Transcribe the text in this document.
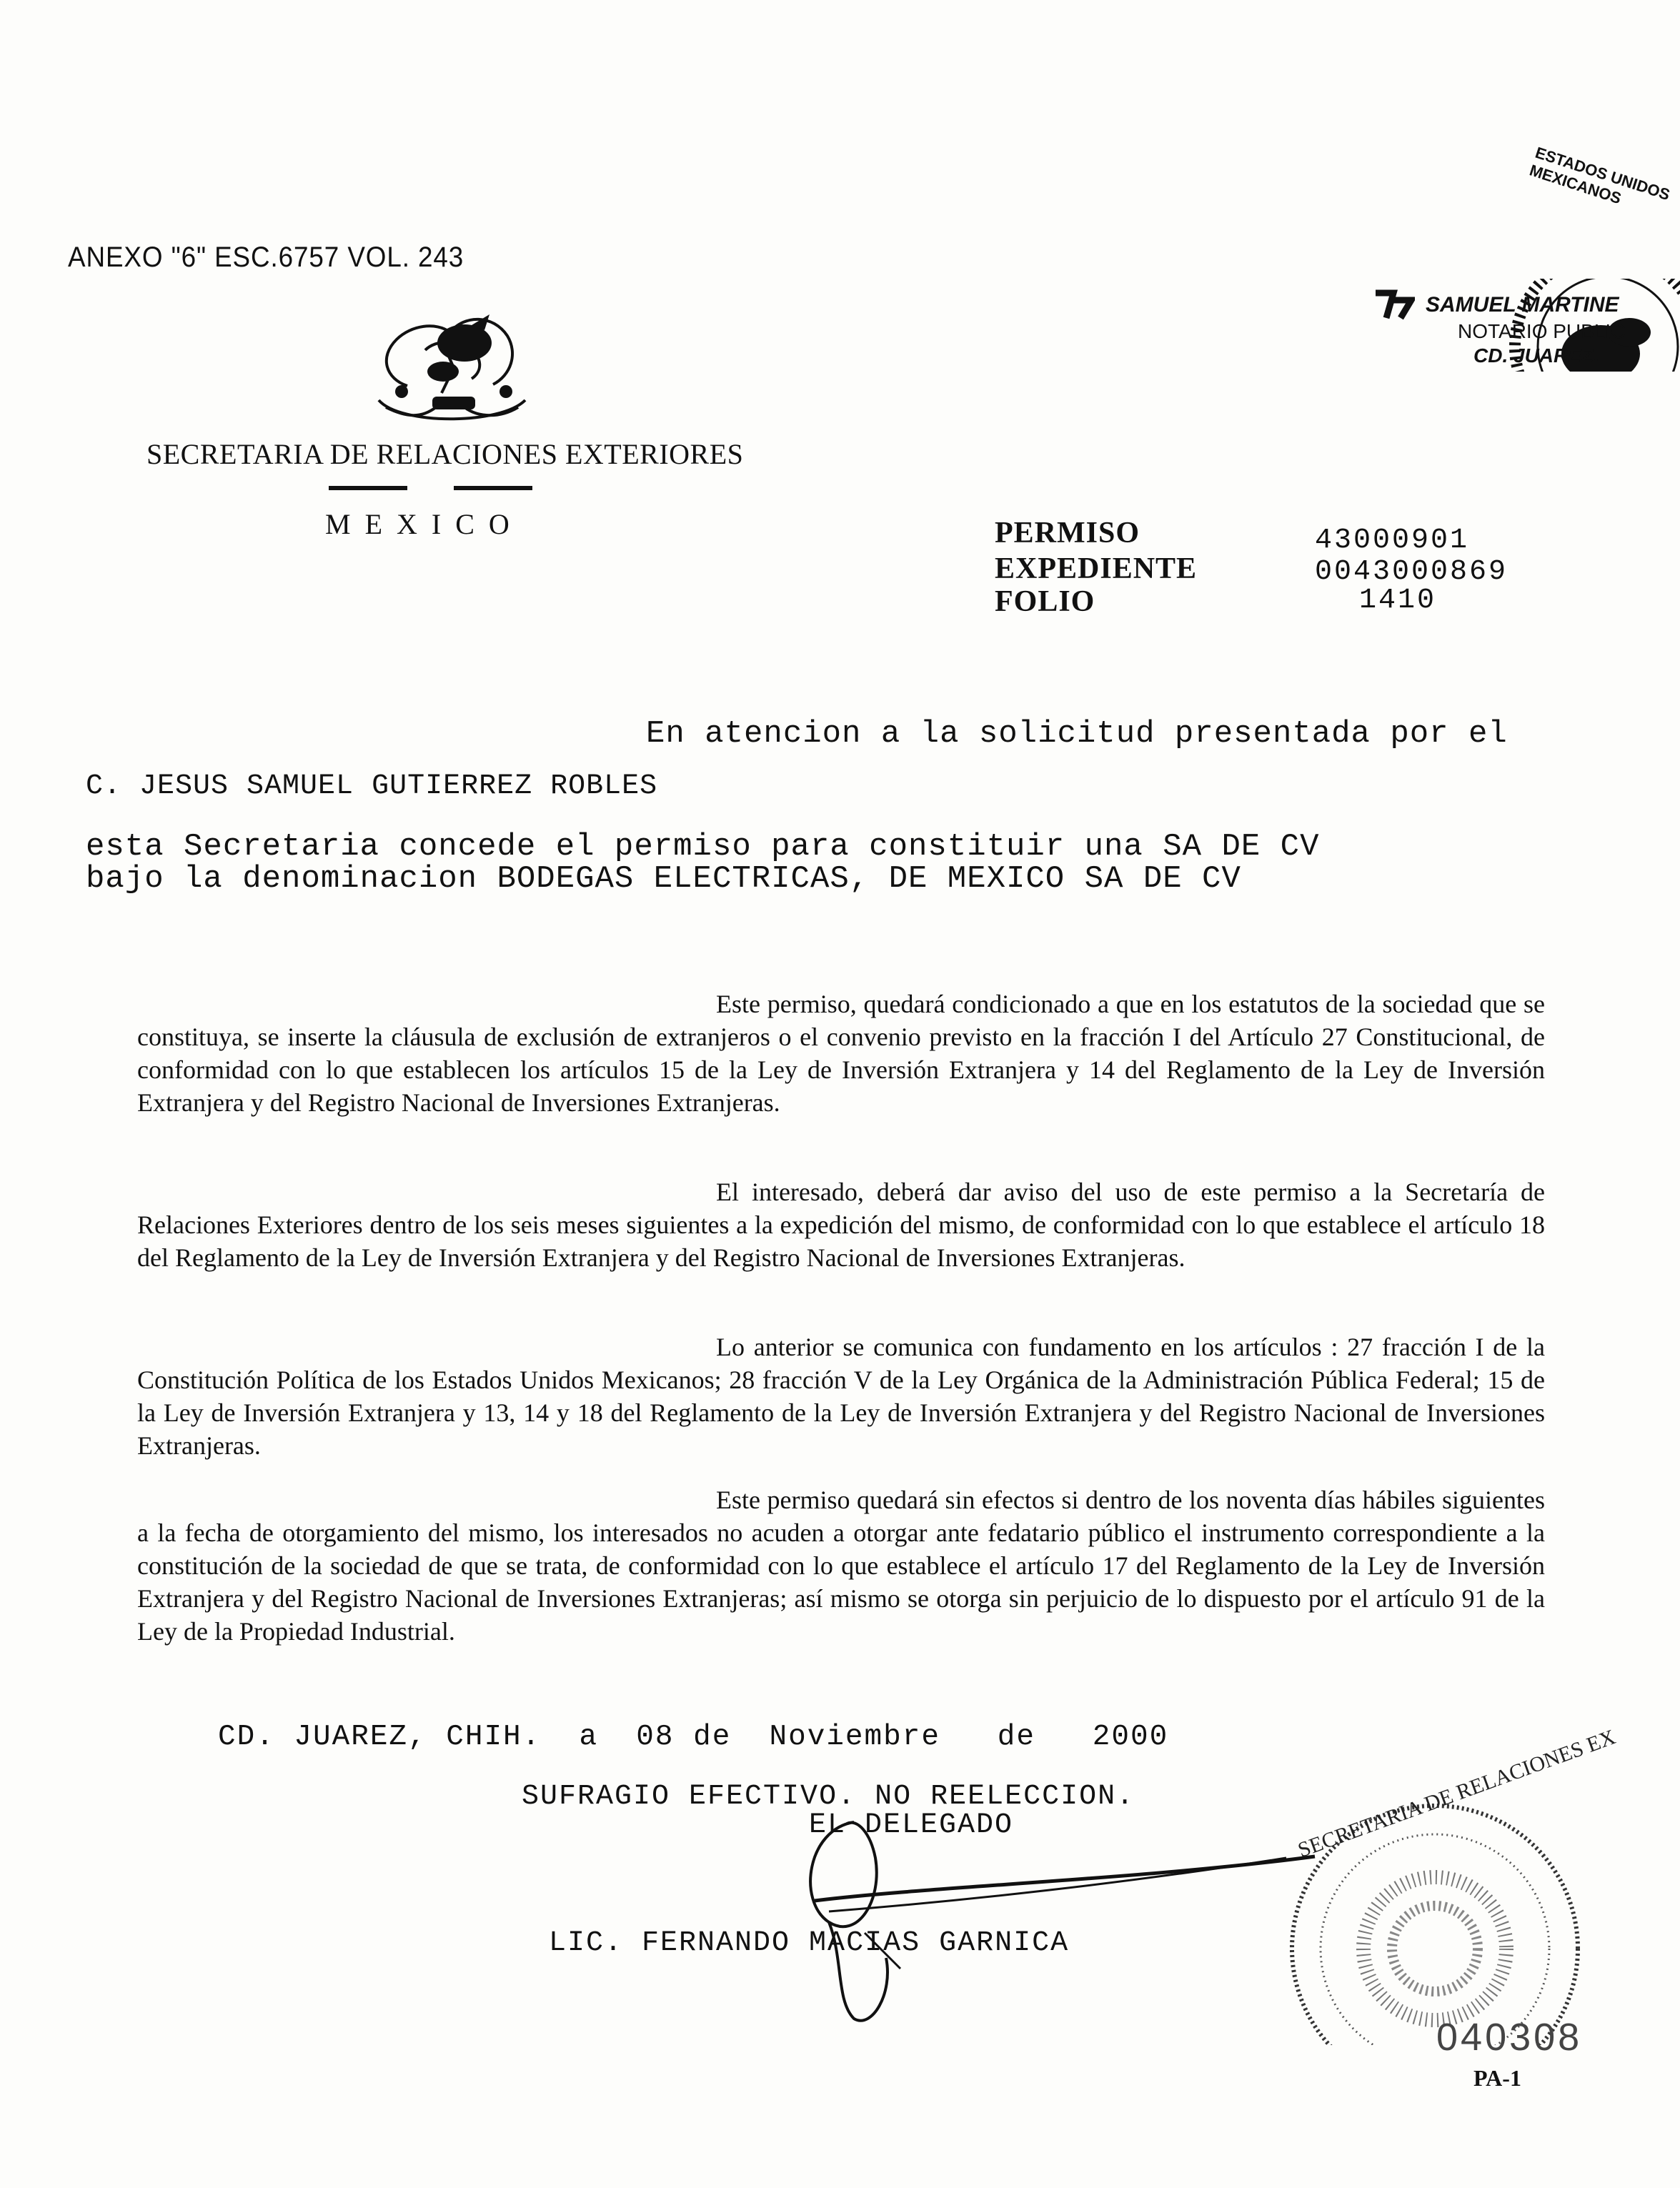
ANEXO "6" ESC.6757 VOL. 243
SECRETARIA DE RELACIONES EXTERIORES
MEXICO
ESTADOS UNIDOS MEXICANOS
SAMUEL MARTINE
NOTARIO PUBLIC
CD. JUAREZ.
PERMISO	43000901
EXPEDIENTE	0043000869
FOLIO	1410
En atencion a la solicitud presentada por el
C. JESUS SAMUEL GUTIERREZ ROBLES
esta Secretaria concede el permiso para constituir una SA DE CV
bajo la denominacion BODEGAS ELECTRICAS, DE MEXICO SA DE CV

Este permiso, quedará condicionado a que en los estatutos de la sociedad que se constituya, se inserte la cláusula de exclusión de extranjeros o el convenio previsto en la fracción I del Artículo 27 Constitucional, de conformidad con lo que establecen los artículos 15 de la Ley de Inversión Extranjera y 14 del Reglamento de la Ley de Inversión Extranjera y del Registro Nacional de Inversiones Extranjeras.

El interesado, deberá dar aviso del uso de este permiso a la Secretaría de Relaciones Exteriores dentro de los seis meses siguientes a la expedición del mismo, de conformidad con lo que establece el artículo 18 del Reglamento de la Ley de Inversión Extranjera y del Registro Nacional de Inversiones Extranjeras.

Lo anterior se comunica con fundamento en los artículos : 27 fracción I de la Constitución Política de los Estados Unidos Mexicanos; 28 fracción V de la Ley Orgánica de la Administración Pública Federal; 15 de la Ley de Inversión Extranjera y 13, 14 y 18 del Reglamento de la Ley de Inversión Extranjera y del Registro Nacional de Inversiones Extranjeras.

Este permiso quedará sin efectos si dentro de los noventa días hábiles siguientes a la fecha de otorgamiento del mismo, los interesados no acuden a otorgar ante fedatario público el instrumento correspondiente a la constitución de la sociedad de que se trata, de conformidad con lo que establece el artículo 17 del Reglamento de la Ley de Inversión Extranjera y del Registro Nacional de Inversiones Extranjeras; así mismo se otorga sin perjuicio de lo dispuesto por el artículo 91 de la Ley de la Propiedad Industrial.

CD. JUAREZ, CHIH.  a  08 de  Noviembre   de   2000
SUFRAGIO EFECTIVO. NO REELECCION.
EL DELEGADO
LIC. FERNANDO MACIAS GARNICA
SECRETARIA DE RELACIONES EX
040308
PA-1
